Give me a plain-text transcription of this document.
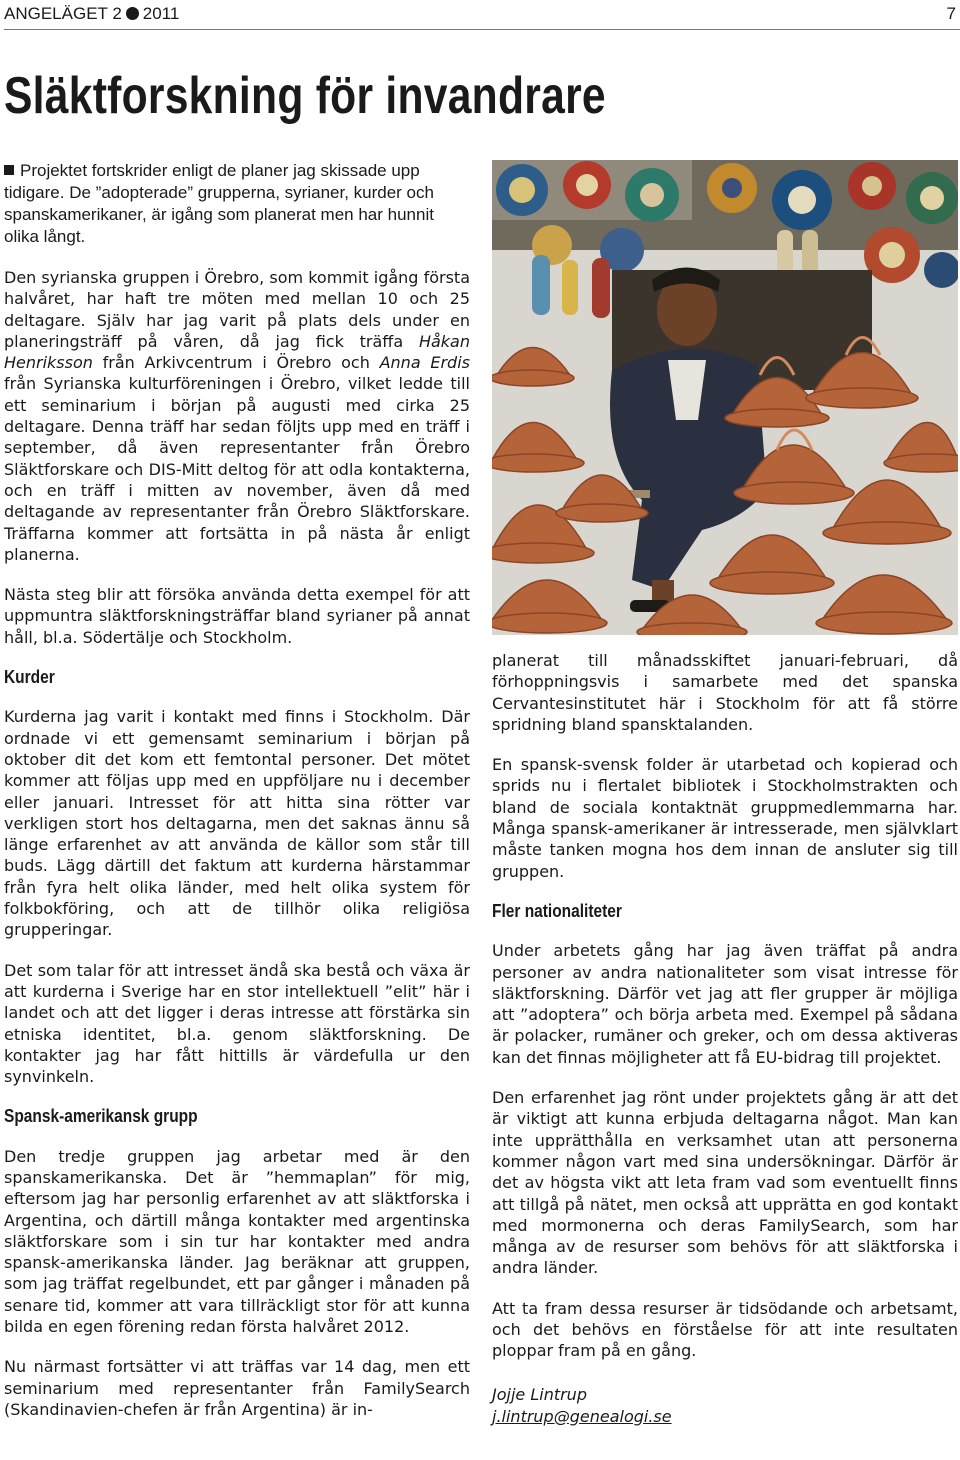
ANGELÄGET 2 2011	7
Släktforskning för invandrare

Projektet fortskrider enligt de planer jag skissade upp tidigare. De ”adopterade” grupperna, syrianer, kurder och spanskamerikaner, är igång som planerat men har hunnit olika långt.

Den syrianska gruppen i Örebro, som kommit igång första halvåret, har haft tre möten med mellan 10 och 25 deltagare. Själv har jag varit på plats dels under en planeringsträff på våren, då jag fick träffa Håkan Henriksson från Arkivcentrum i Örebro och Anna Erdis från Syrianska kulturföreningen i Örebro, vilket ledde till ett seminarium i början på augusti med cirka 25 deltagare. Denna träff har sedan följts upp med en träff i september, då även representanter från Örebro Släktforskare och DIS-Mitt deltog för att odla kontakterna, och en träff i mitten av november, även då med deltagande av representanter från Örebro Släktforskare. Träffarna kommer att fortsätta in på nästa år enligt planerna.

Nästa steg blir att försöka använda detta exempel för att uppmuntra släktforskningsträffar bland syrianer på annat håll, bl.a. Södertälje och Stockholm.

Kurder

Kurderna jag varit i kontakt med finns i Stockholm. Där ordnade vi ett gemensamt seminarium i början på oktober dit det kom ett femtontal personer. Det mötet kommer att följas upp med en uppföljare nu i december eller januari. Intresset för att hitta sina rötter var verkligen stort hos deltagarna, men det saknas ännu så länge erfarenhet av att använda de källor som står till buds. Lägg därtill det faktum att kurderna härstammar från fyra helt olika länder, med helt olika system för folkbokföring, och att de tillhör olika religiösa grupperingar.

Det som talar för att intresset ändå ska bestå och växa är att kurderna i Sverige har en stor intellektuell ”elit” här i landet och att det ligger i deras intresse att förstärka sin etniska identitet, bl.a. genom släktforskning. De kontakter jag har fått hittills är värdefulla ur den synvinkeln.

Spansk-amerikansk grupp

Den tredje gruppen jag arbetar med är den spanskamerikanska. Det är ”hemmaplan” för mig, eftersom jag har personlig erfarenhet av att släktforska i Argentina, och därtill många kontakter med argentinska släktforskare som i sin tur har kontakter med andra spansk-amerikanska länder. Jag beräknar att gruppen, som jag träffat regelbundet, ett par gånger i månaden på senare tid, kommer att vara tillräckligt stor för att kunna bilda en egen förening redan första halvåret 2012.

Nu närmast fortsätter vi att träffas var 14 dag, men ett seminarium med representanter från FamilySearch (Skandinavien-chefen är från Argentina) är in-

planerat till månadsskiftet januari-februari, då förhoppningsvis i samarbete med det spanska Cervantesinstitutet här i Stockholm för att få större spridning bland spansktalanden.

En spansk-svensk folder är utarbetad och kopierad och sprids nu i flertalet bibliotek i Stockholmstrakten och bland de sociala kontaktnät gruppmedlemmarna har. Många spansk-amerikaner är intresserade, men självklart måste tanken mogna hos dem innan de ansluter sig till gruppen.

Fler nationaliteter

Under arbetets gång har jag även träffat på andra personer av andra nationaliteter som visat intresse för släktforskning. Därför vet jag att fler grupper är möjliga att ”adoptera” och börja arbeta med. Exempel på sådana är polacker, rumäner och greker, och om dessa aktiveras kan det finnas möjligheter att få EU-bidrag till projektet.

Den erfarenhet jag rönt under projektets gång är att det är viktigt att kunna erbjuda deltagarna något. Man kan inte upprätthålla en verksamhet utan att personerna kommer någon vart med sina undersökningar. Därför är det av högsta vikt att leta fram vad som eventuellt finns att tillgå på nätet, men också att upprätta en god kontakt med mormonerna och deras FamilySearch, som har många av de resurser som behövs för att släktforska i andra länder.

Att ta fram dessa resurser är tidsödande och arbetsamt, och det behövs en förståelse för att inte resultaten ploppar fram på en gång.

Jojje Lintrup
j.lintrup@genealogi.se
